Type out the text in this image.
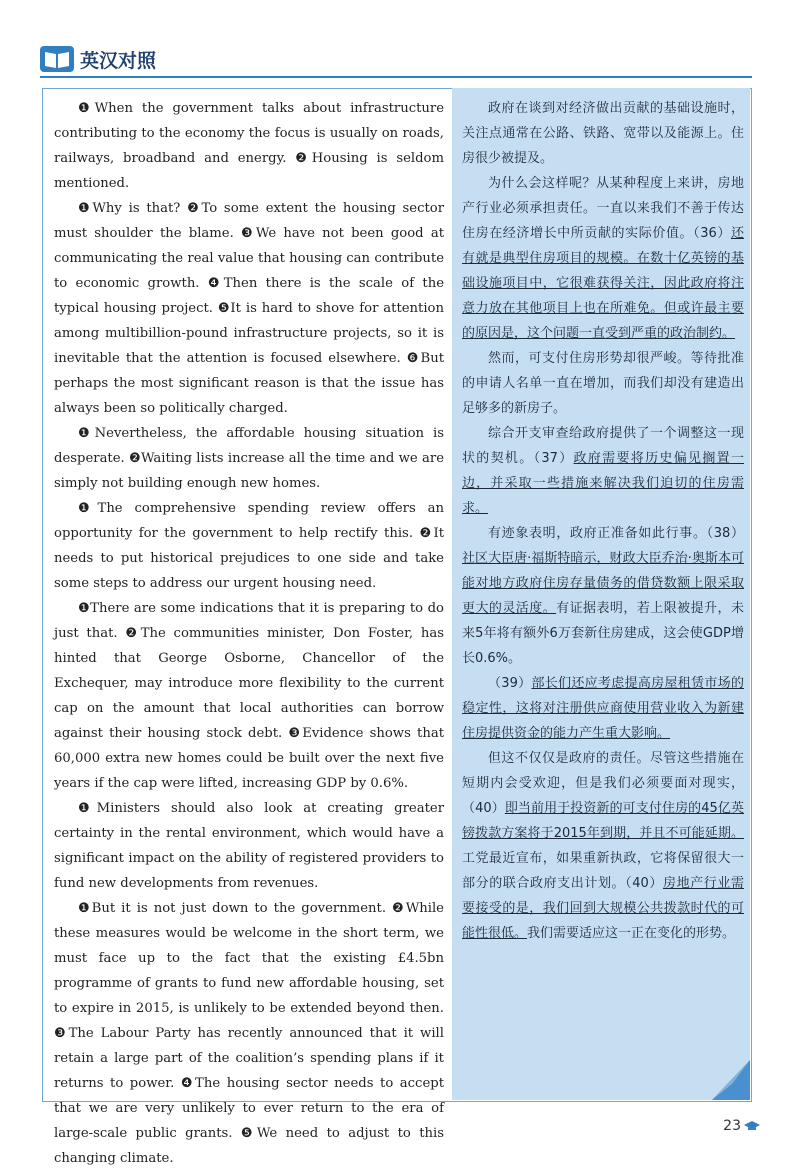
英汉对照

❶When the government talks about infrastructure contributing to the economy the focus is usually on roads, railways, broadband and energy. ❷Housing is seldom mentioned.

❶Why is that? ❷To some extent the housing sector must shoulder the blame. ❸We have not been good at communicating the real value that housing can contribute to economic growth. ❹Then there is the scale of the typical housing project. ❺It is hard to shove for attention among multibillion-pound infrastructure projects, so it is inevitable that the attention is focused elsewhere. ❻But perhaps the most significant reason is that the issue has always been so politically charged.

❶Nevertheless, the affordable housing situation is desperate. ❷Waiting lists increase all the time and we are simply not building enough new homes.

❶The comprehensive spending review offers an opportunity for the government to help rectify this. ❷It needs to put historical prejudices to one side and take some steps to address our urgent housing need.

❶There are some indications that it is preparing to do just that. ❷The communities minister, Don Foster, has hinted that George Osborne, Chancellor of the Exchequer, may introduce more flexibility to the current cap on the amount that local authorities can borrow against their housing stock debt. ❸Evidence shows that 60,000 extra new homes could be built over the next five years if the cap were lifted, increasing GDP by 0.6%.

❶Ministers should also look at creating greater certainty in the rental environment, which would have a significant impact on the ability of registered providers to fund new developments from revenues.

❶But it is not just down to the government. ❷While these measures would be welcome in the short term, we must face up to the fact that the existing £4.5bn programme of grants to fund new affordable housing, set to expire in 2015, is unlikely to be extended beyond then. ❸The Labour Party has recently announced that it will retain a large part of the coalition’s spending plans if it returns to power. ❹The housing sector needs to accept that we are very unlikely to ever return to the era of large-scale public grants. ❺We need to adjust to this changing climate.

政府在谈到对经济做出贡献的基础设施时，关注点通常在公路、铁路、宽带以及能源上。住房很少被提及。

为什么会这样呢？从某种程度上来讲，房地产行业必须承担责任。一直以来我们不善于传达住房在经济增长中所贡献的实际价值。（36）还有就是典型住房项目的规模。在数十亿英镑的基础设施项目中，它很难获得关注，因此政府将注意力放在其他项目上也在所难免。但或许最主要的原因是，这个问题一直受到严重的政治制约。

然而，可支付住房形势却很严峻。等待批准的申请人名单一直在增加，而我们却没有建造出足够多的新房子。

综合开支审查给政府提供了一个调整这一现状的契机。（37）政府需要将历史偏见搁置一边，并采取一些措施来解决我们迫切的住房需求。

有迹象表明，政府正准备如此行事。（38）社区大臣唐·福斯特暗示，财政大臣乔治·奥斯本可能对地方政府住房存量债务的借贷数额上限采取更大的灵活度。有证据表明，若上限被提升，未来5年将有额外6万套新住房建成，这会使GDP增长0.6%。

（39）部长们还应考虑提高房屋租赁市场的稳定性，这将对注册供应商使用营业收入为新建住房提供资金的能力产生重大影响。

但这不仅仅是政府的责任。尽管这些措施在短期内会受欢迎，但是我们必须要面对现实，（40）即当前用于投资新的可支付住房的45亿英镑拨款方案将于2015年到期，并且不可能延期。工党最近宣布，如果重新执政，它将保留很大一部分的联合政府支出计划。（40）房地产行业需要接受的是，我们回到大规模公共拨款时代的可能性很低。我们需要适应这一正在变化的形势。

23
